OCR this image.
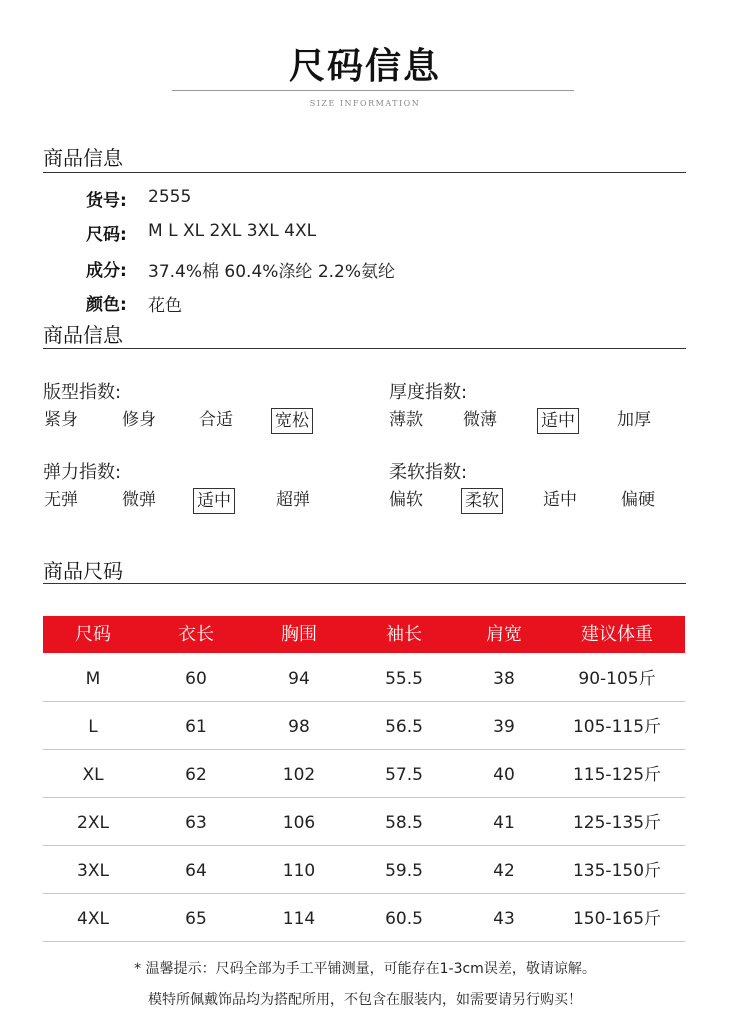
尺码信息
SIZE INFORMATION
商品信息
货号: 2555
尺码: M L XL 2XL 3XL 4XL
成分: 37.4%棉 60.4%涤纶 2.2%氨纶
颜色: 花色
商品信息
版型指数:
紧身	修身	合适 宽松
厚度指数:
薄款 微薄	适中 加厚
弹力指数:
无弹	微弹 适中	超弹
柔软指数:
偏软 柔软	适中	偏硬
商品尺码
尺码	衣长	胸围	袖长	肩宽	建议体重
M	60	94	55.5	38	90-105斤
L	61	98	56.5	39	105-115斤
XL	62	102	57.5	40	115-125斤
2XL	63	106	58.5	41	125-135斤
3XL	64	110	59.5	42	135-150斤
4XL	65	114	60.5	43	150-165斤
* 温馨提示：尺码全部为手工平铺测量，可能存在1-3cm误差，敬请谅解。
模特所佩戴饰品均为搭配所用，不包含在服装内，如需要请另行购买！
